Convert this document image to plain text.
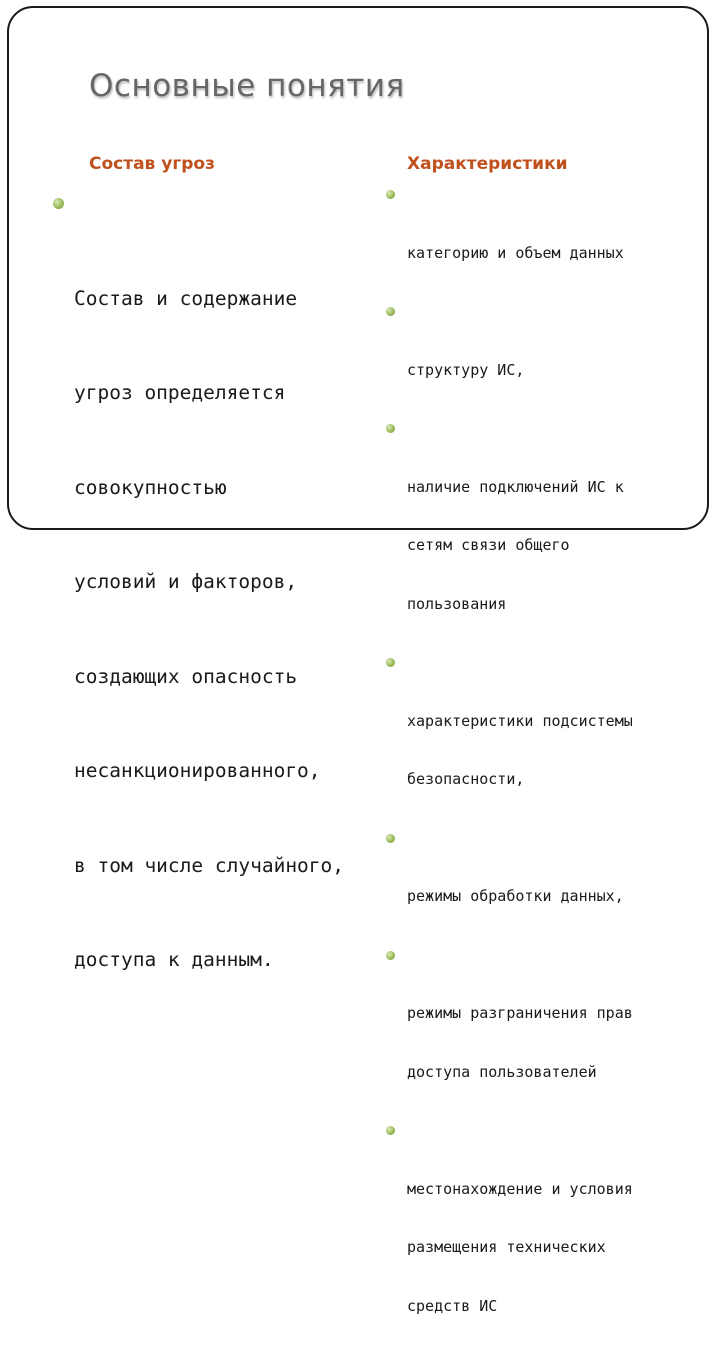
Основные понятия
Состав угроз	Характеристики

Состав и содержание

угроз определяется

совокупностью

условий и факторов,

создающих опасность

несанкционированного,

в том числе случайного,

доступа к данным.

категорию и объем данных

структуру ИС,

наличие подключений ИС к

сетям связи общего

пользования

характеристики подсистемы

безопасности,

режимы обработки данных,

режимы разграничения прав

доступа пользователей

местонахождение и условия

размещения технических

средств ИС
